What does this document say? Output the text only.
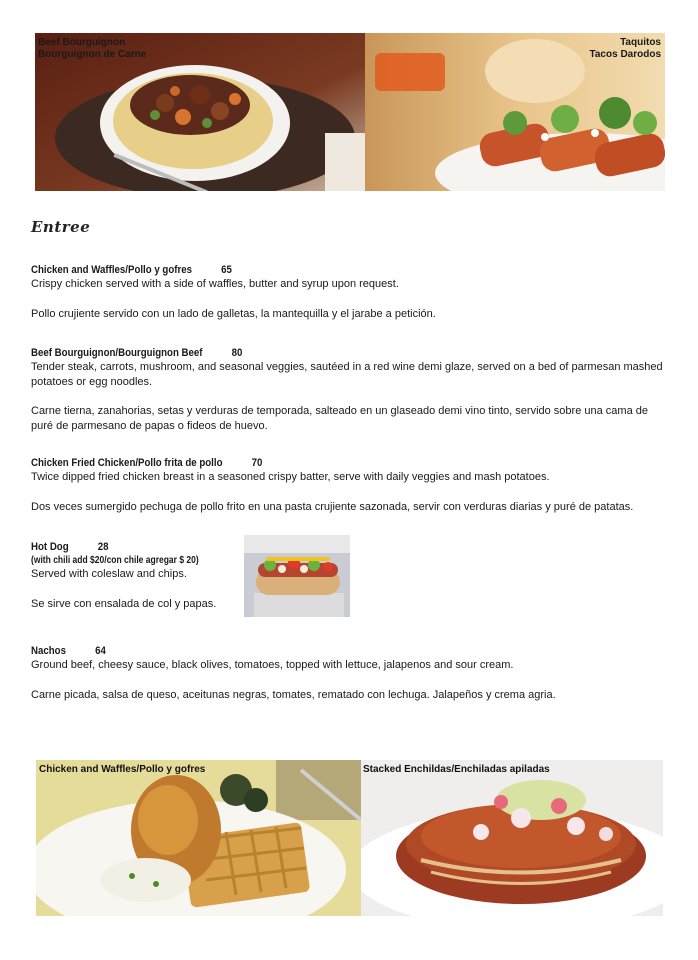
Beef Bourguignon
Bourguignon de Carne
Taquitos
Tacos Darodos
Entree
Chicken and Waffles/Pollo y gofres	65

Crispy chicken served with a side of waffles, butter and syrup upon request.

Pollo crujiente servido con un lado de galletas, la mantequilla y el jarabe a petición.

Beef Bourguignon/Bourguignon Beef	80

Tender steak, carrots, mushroom, and seasonal veggies, sautéed in a red wine demi glaze, served on a bed of parmesan mashed potatoes or egg noodles.

Carne tierna, zanahorias, setas y verduras de temporada, salteado en un glaseado demi vino tinto, servido sobre una cama de puré de parmesano de papas o fideos de huevo.

Chicken Fried Chicken/Pollo frita de pollo	70

Twice dipped fried chicken breast in a seasoned crispy batter, serve with daily veggies and mash potatoes.

Dos veces sumergido pechuga de pollo frito en una pasta crujiente sazonada, servir con verduras diarias y puré de patatas.

Hot Dog	28
(with chili add $20/con chile agregar $ 20)

Served with coleslaw and chips.

Se sirve con ensalada de col y papas.

Nachos	64

Ground beef, cheesy sauce, black olives, tomatoes, topped with lettuce, jalapenos and sour cream.

Carne picada, salsa de queso, aceitunas negras, tomates, rematado con lechuga. Jalapeños y crema agria.

Chicken and Waffles/Pollo y gofres	Stacked Enchildas/Enchiladas apiladas
